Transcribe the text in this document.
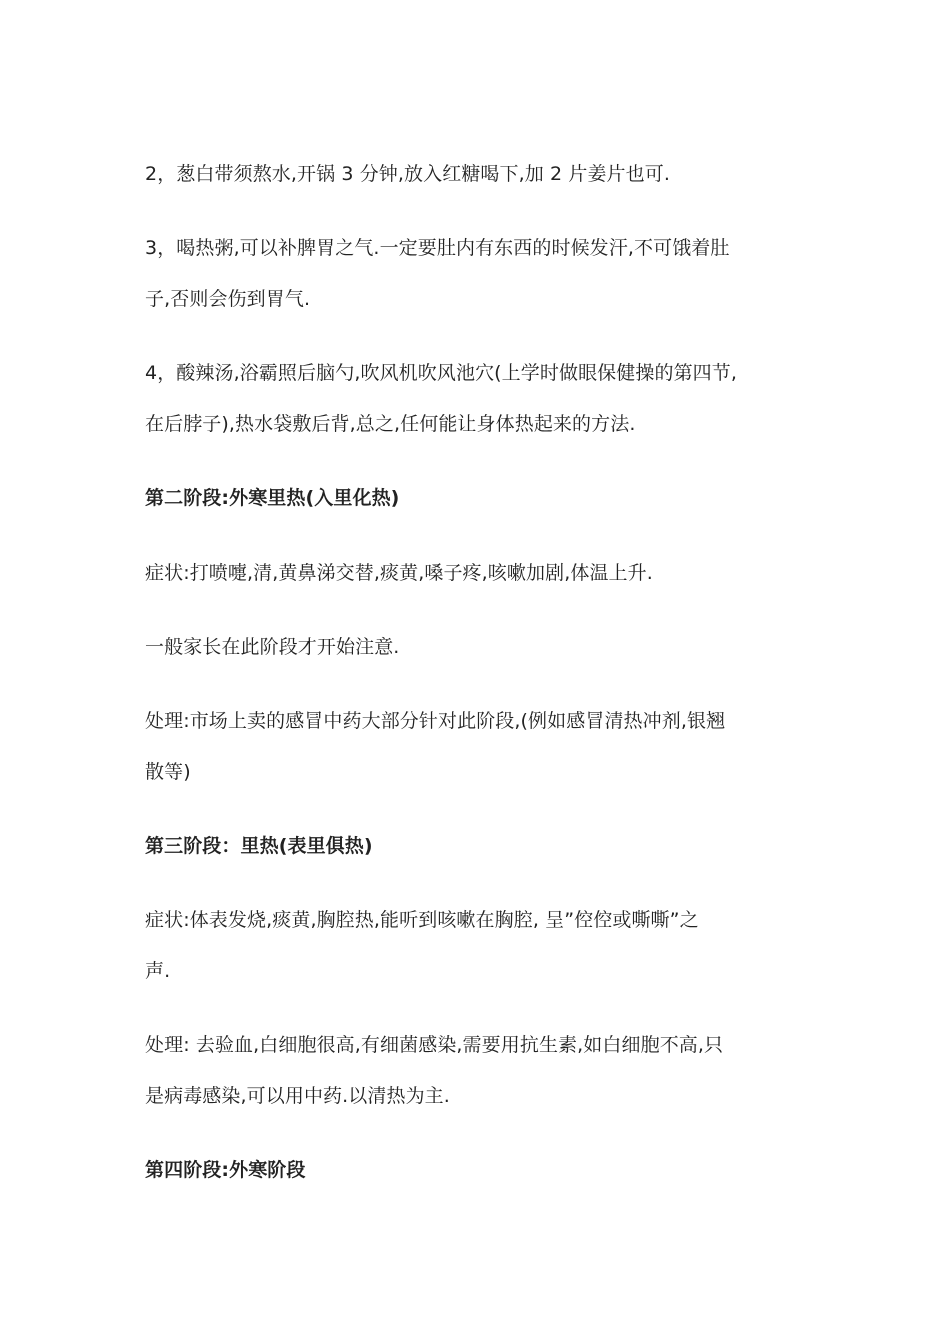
2，葱白带须熬水,开锅 3 分钟,放入红糖喝下,加 2 片姜片也可.
3，喝热粥,可以补脾胃之气.一定要肚内有东西的时候发汗,不可饿着肚
子,否则会伤到胃气.
4，酸辣汤,浴霸照后脑勺,吹风机吹风池穴(上学时做眼保健操的第四节,
在后脖子),热水袋敷后背,总之,任何能让身体热起来的方法.
第二阶段:外寒里热(入里化热)
症状:打喷嚏,清,黄鼻涕交替,痰黄,嗓子疼,咳嗽加剧,体温上升.
一般家长在此阶段才开始注意.
处理:市场上卖的感冒中药大部分针对此阶段,(例如感冒清热冲剂,银翘
散等)
第三阶段：里热(表里俱热)
症状:体表发烧,痰黄,胸腔热,能听到咳嗽在胸腔, 呈”倥倥或嘶嘶”之
声.
处理: 去验血,白细胞很高,有细菌感染,需要用抗生素,如白细胞不高,只
是病毒感染,可以用中药.以清热为主.
第四阶段:外寒阶段
